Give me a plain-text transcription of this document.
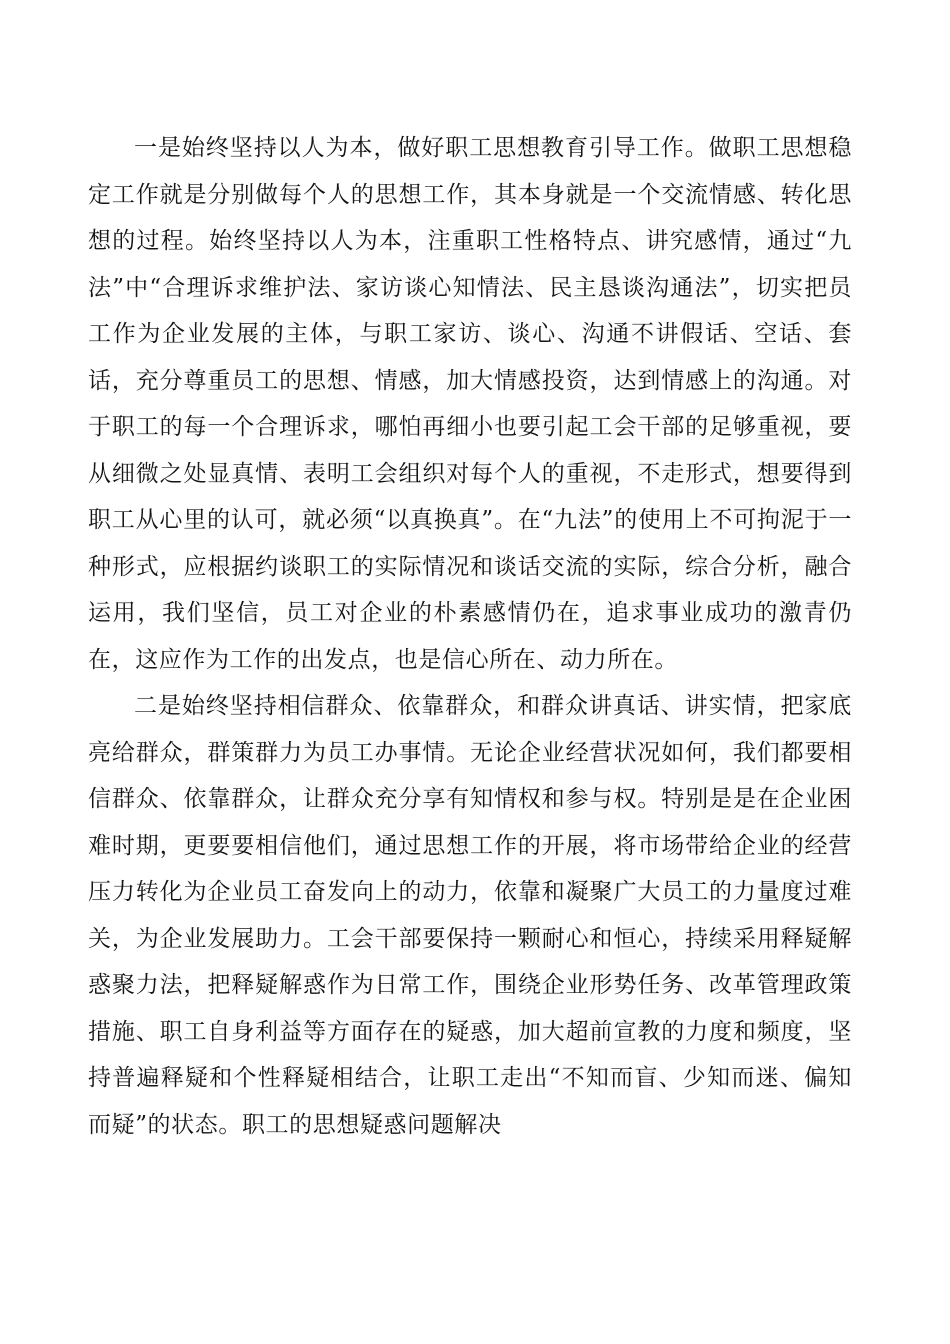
一是始终坚持以人为本，做好职工思想教育引导工作。做职工思想稳定工作就是分别做每个人的思想工作，其本身就是一个交流情感、转化思想的过程。始终坚持以人为本，注重职工性格特点、讲究感情，通过“九法”中“合理诉求维护法、家访谈心知情法、民主恳谈沟通法”，切实把员工作为企业发展的主体，与职工家访、谈心、沟通不讲假话、空话、套话，充分尊重员工的思想、情感，加大情感投资，达到情感上的沟通。对于职工的每一个合理诉求，哪怕再细小也要引起工会干部的足够重视，要从细微之处显真情、表明工会组织对每个人的重视，不走形式，想要得到职工从心里的认可，就必须“以真换真”。在“九法”的使用上不可拘泥于一种形式，应根据约谈职工的实际情况和谈话交流的实际，综合分析，融合运用，我们坚信，员工对企业的朴素感情仍在，追求事业成功的激青仍在，这应作为工作的出发点，也是信心所在、动力所在。

二是始终坚持相信群众、依靠群众，和群众讲真话、讲实情，把家底亮给群众，群策群力为员工办事情。无论企业经营状况如何，我们都要相信群众、依靠群众，让群众充分享有知情权和参与权。特别是是在企业困难时期，更要要相信他们，通过思想工作的开展，将市场带给企业的经营压力转化为企业员工奋发向上的动力，依靠和凝聚广大员工的力量度过难关，为企业发展助力。工会干部要保持一颗耐心和恒心，持续采用释疑解惑聚力法，把释疑解惑作为日常工作，围绕企业形势任务、改革管理政策措施、职工自身利益等方面存在的疑惑，加大超前宣教的力度和频度，坚持普遍释疑和个性释疑相结合，让职工走出“不知而盲、少知而迷、偏知而疑”的状态。职工的思想疑惑问题解决
